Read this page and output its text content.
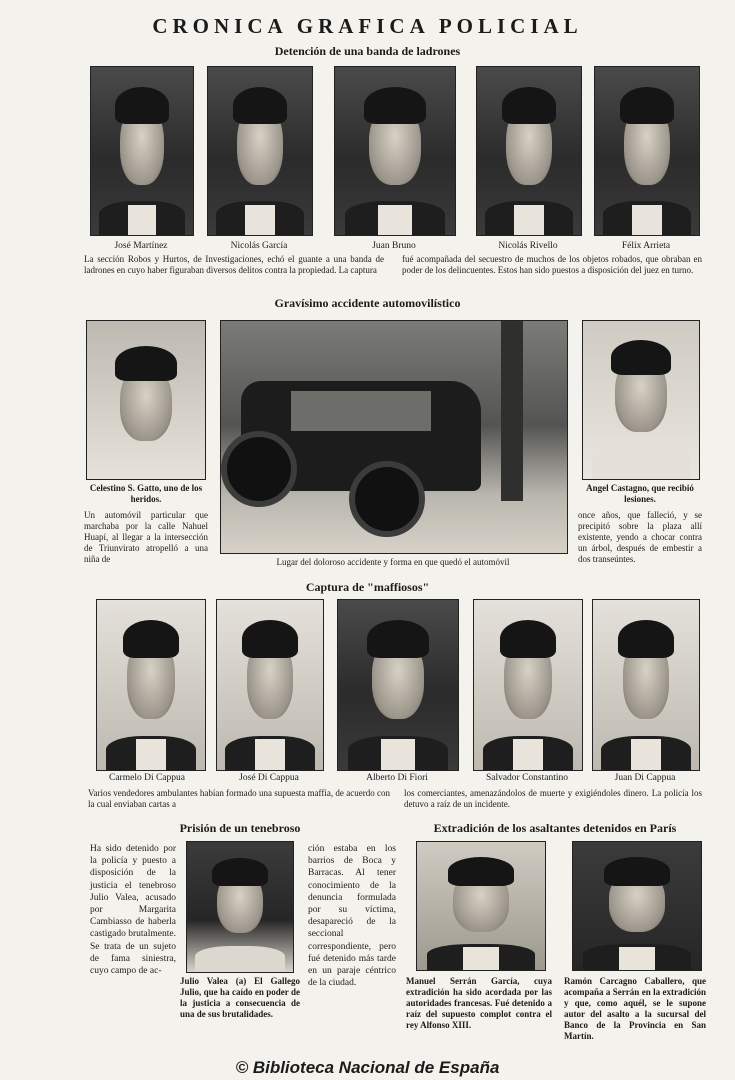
CRONICA GRAFICA POLICIAL
Detención de una banda de ladrones
José Martínez	Nicolás García	Juan Bruno	Nicolás Rivello	Félix Arrieta
La sección Robos y Hurtos, de Investigaciones, echó el guante a una banda de ladrones en cuyo haber figuraban diversos delitos contra la propiedad. La captura
fué acompañada del secuestro de muchos de los objetos robados, que obraban en poder de los delincuentes. Estos han sido puestos a disposición del juez en turno.
Gravísimo accidente automovilístico
Celestino S. Gatto, uno de los heridos.
Un automóvil particular que marchaba por la calle Nahuel Huapí, al llegar a la intersección de Triunvirato atropelló a una niña de	Lugar del doloroso accidente y forma en que quedó el automóvil
Angel Castagno, que recibió lesiones.
once años, que falleció, y se precipitó sobre la plaza allí existente, yendo a chocar contra un árbol, después de embestir a dos transeúntes.
Captura de "maffiosos"
Carmelo Di Cappua	José Di Cappua	Alberto Di Fiori	Salvador Constantino	Juan Di Cappua
Varios vendedores ambulantes habían formado una supuesta maffia, de acuerdo con la cual enviaban cartas a
los comerciantes, amenazándolos de muerte y exigiéndoles dinero. La policía los detuvo a raíz de un incidente.
Prisión de un tenebroso
Ha sido detenido por la policía y puesto a disposición de la justicia el tenebroso Julio Valea, acusado por Margarita Cambiasso de haberla castigado brutalmente. Se trata de un sujeto de fama siniestra, cuyo campo de ac-
Julio Valea (a) El Gallego Julio, que ha caído en poder de la justicia a consecuencia de una de sus brutalidades.
ción estaba en los barrios de Boca y Barracas. Al tener conocimiento de la denuncia formulada por su víctima, desapareció de la seccional correspondiente, pero fué detenido más tarde en un paraje céntrico de la ciudad.
Extradición de los asaltantes detenidos en París
Manuel Serrán García, cuya extradición ha sido acordada por las autoridades francesas. Fué detenido a raíz del supuesto complot contra el rey Alfonso XIII.
Ramón Carcagno Caballero, que acompaña a Serrán en la extradición y que, como aquél, se le supone autor del asalto a la sucursal del Banco de la Provincia en San Martín.
© Biblioteca Nacional de España
